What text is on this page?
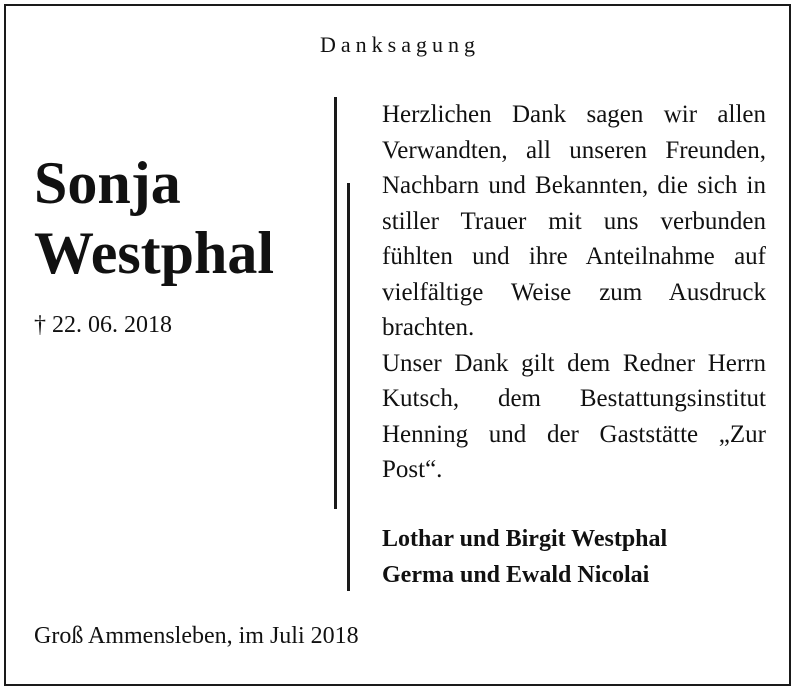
Danksagung
Sonja
Westphal
† 22. 06. 2018

Herzlichen Dank sagen wir allen Verwandten, all unseren Freunden, Nachbarn und Bekannten, die sich in stiller Trauer mit uns verbunden fühlten und ihre Anteilnahme auf vielfältige Weise zum Ausdruck brachten.

Unser Dank gilt dem Redner Herrn Kutsch, dem Bestattungsinstitut Henning und der Gaststätte „Zur Post“.

Lothar und Birgit Westphal
Germa und Ewald Nicolai
Groß Ammensleben, im Juli 2018
